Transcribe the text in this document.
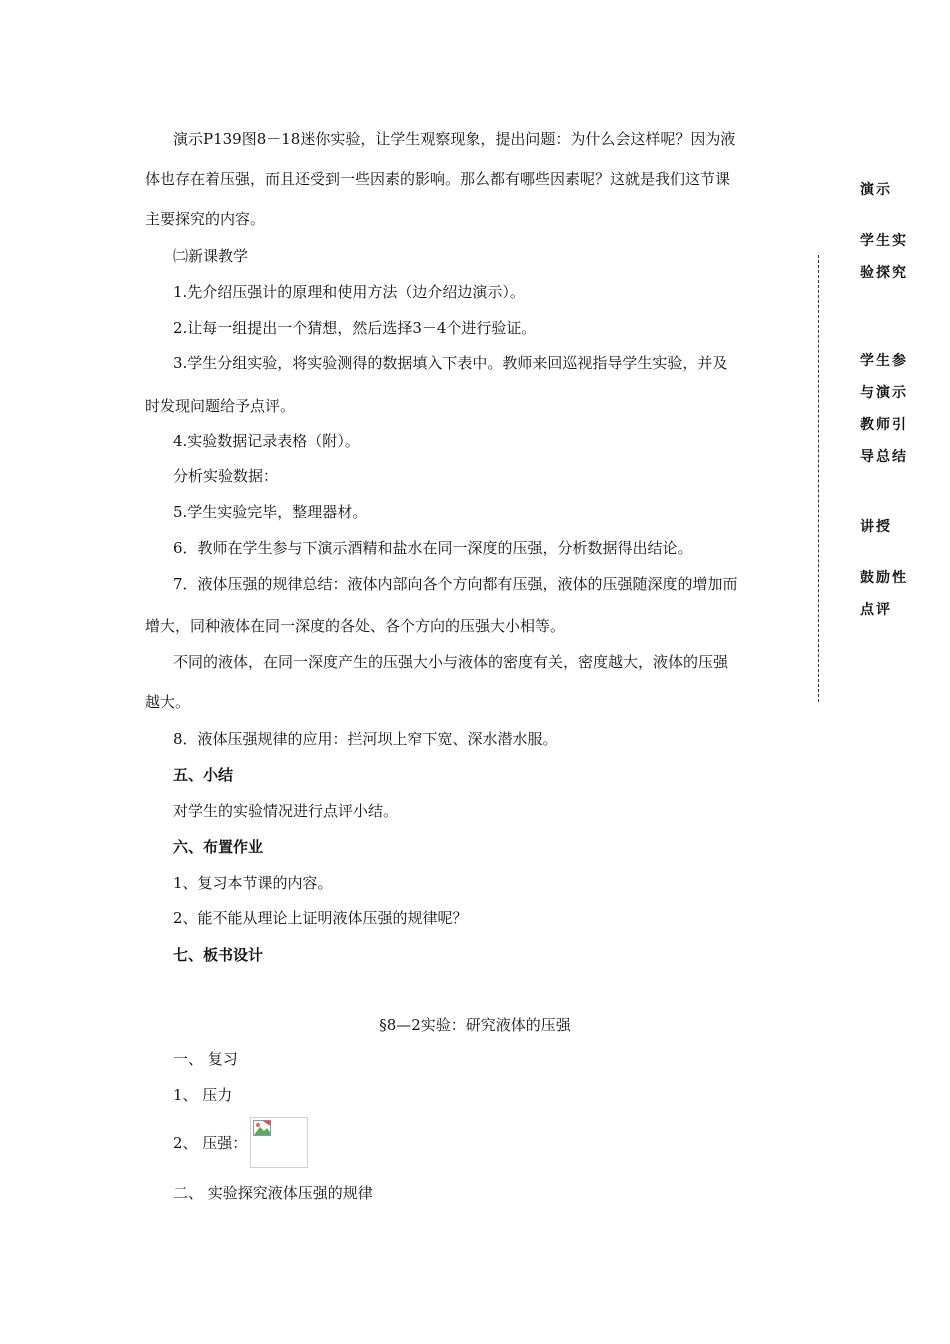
演示P139图8－18迷你实验，让学生观察现象，提出问题：为什么会这样呢？因为液
体也存在着压强，而且还受到一些因素的影响。那么都有哪些因素呢？这就是我们这节课
主要探究的内容。
㈡新课教学
1.先介绍压强计的原理和使用方法（边介绍边演示）。
2.让每一组提出一个猜想，然后选择3－4个进行验证。
3.学生分组实验，将实验测得的数据填入下表中。教师来回巡视指导学生实验，并及
时发现问题给予点评。
4.实验数据记录表格（附）。
分析实验数据：
5.学生实验完毕，整理器材。
6．教师在学生参与下演示酒精和盐水在同一深度的压强，分析数据得出结论。
7．液体压强的规律总结：液体内部向各个方向都有压强，液体的压强随深度的增加而
增大，同种液体在同一深度的各处、各个方向的压强大小相等。
不同的液体，在同一深度产生的压强大小与液体的密度有关，密度越大，液体的压强
越大。
8．液体压强规律的应用：拦河坝上窄下宽、深水潜水服。
五、小结
对学生的实验情况进行点评小结。
六、布置作业
1、复习本节课的内容。
2、能不能从理论上证明液体压强的规律呢？
七、板书设计
一、 复习
1、 压力
2、 压强：
二、 实验探究液体压强的规律
§8—2实验：研究液体的压强
演示
学生实
验探究
学生参
与演示
教师引
导总结
讲授
鼓励性
点评
